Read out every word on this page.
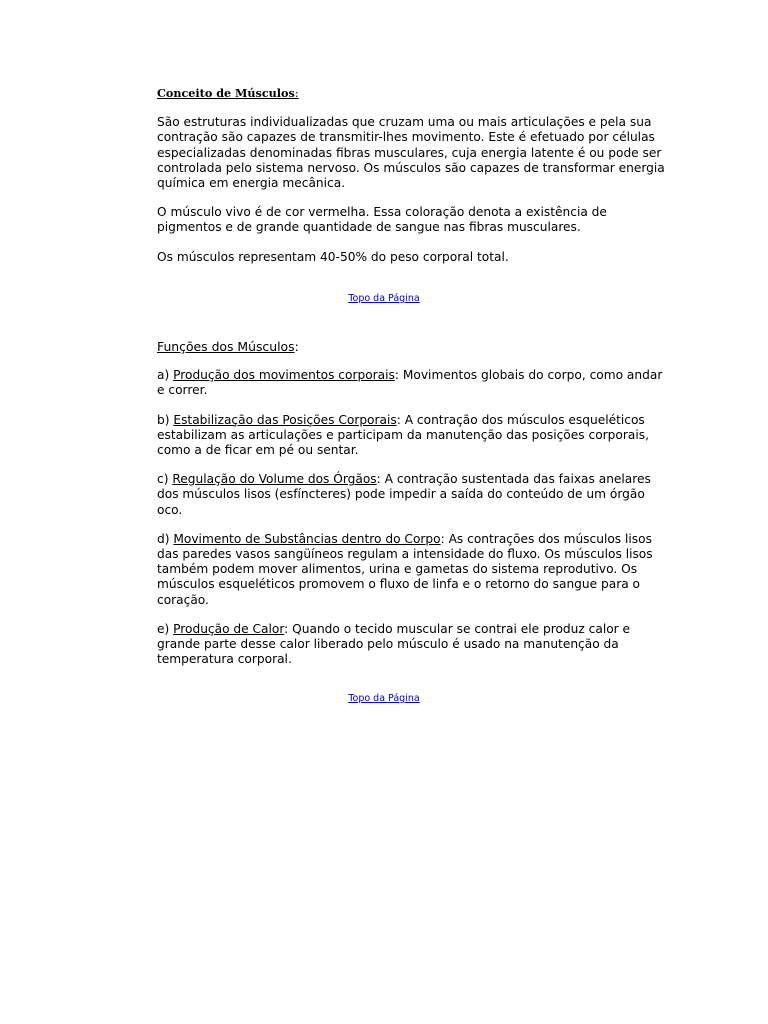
Conceito de Músculos:

São estruturas individualizadas que cruzam uma ou mais articulações e pela sua contração são capazes de transmitir-lhes movimento. Este é efetuado por células especializadas denominadas fibras musculares, cuja energia latente é ou pode ser controlada pelo sistema nervoso. Os músculos são capazes de transformar energia química em energia mecânica.

O músculo vivo é de cor vermelha. Essa coloração denota a existência de pigmentos e de grande quantidade de sangue nas fibras musculares.

Os músculos representam 40-50% do peso corporal total.

Topo da Página

Funções dos Músculos:

a) Produção dos movimentos corporais: Movimentos globais do corpo, como andar e correr.

b) Estabilização das Posições Corporais: A contração dos músculos esqueléticos estabilizam as articulações e participam da manutenção das posições corporais, como a de ficar em pé ou sentar.

c) Regulação do Volume dos Órgãos: A contração sustentada das faixas anelares dos músculos lisos (esfíncteres) pode impedir a saída do conteúdo de um órgão oco.

d) Movimento de Substâncias dentro do Corpo: As contrações dos músculos lisos das paredes vasos sangüíneos regulam a intensidade do fluxo. Os músculos lisos também podem mover alimentos, urina e gametas do sistema reprodutivo. Os músculos esqueléticos promovem o fluxo de linfa e o retorno do sangue para o coração.

e) Produção de Calor: Quando o tecido muscular se contrai ele produz calor e grande parte desse calor liberado pelo músculo é usado na manutenção da temperatura corporal.

Topo da Página
